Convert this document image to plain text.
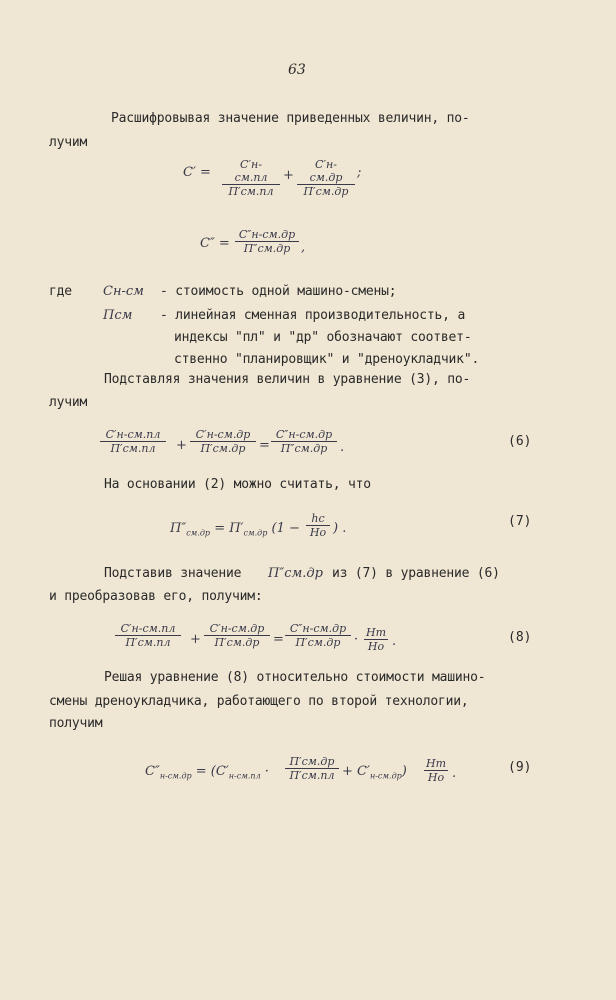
63
Расшифровывая значение приведенных величин, по-
лучим
С′ =
С′н-см.пл
П′см.пл
+
С′н-см.др
П′см.др
;
С″ =
С″н-см.др
П″см.др ,
где Сн-см - стоимость одной машино-смены;
Псм - линейная сменная производительность, а
индексы "пл" и "др" обозначают соответ-
ственно "планировщик" и "дреноукладчик".
Подставляя значения величин в уравнение (3), по-
лучим
С′н-см.пл
П′см.пл	+
С′н-см.др
П′см.др	=
С″н-см.др
П″см.др .	(6)
На основании (2) можно считать, что
$П''_{см.др} = П'_{см.др}$ (1 −
hс
Hо ) .	(7)
Подставив значение П″см.др из (7) в уравнение (6)
и преобразовав его, получим:
С′н-см.пл
П′см.пл	+
С′н-см.др
П′см.др	=
С″н-см.др
П′см.др	· Hт
Hо .	(8)
Решая уравнение (8) относительно стоимости машино-
смены дреноукладчика, работающего по второй технологии,
получим
$С''_{н-см.др} = (С'_{н-см.пл}$ ·
П′см.др
$П'см.пл + С'_{н-см.др}$)
Hт
Hо .	(9)
